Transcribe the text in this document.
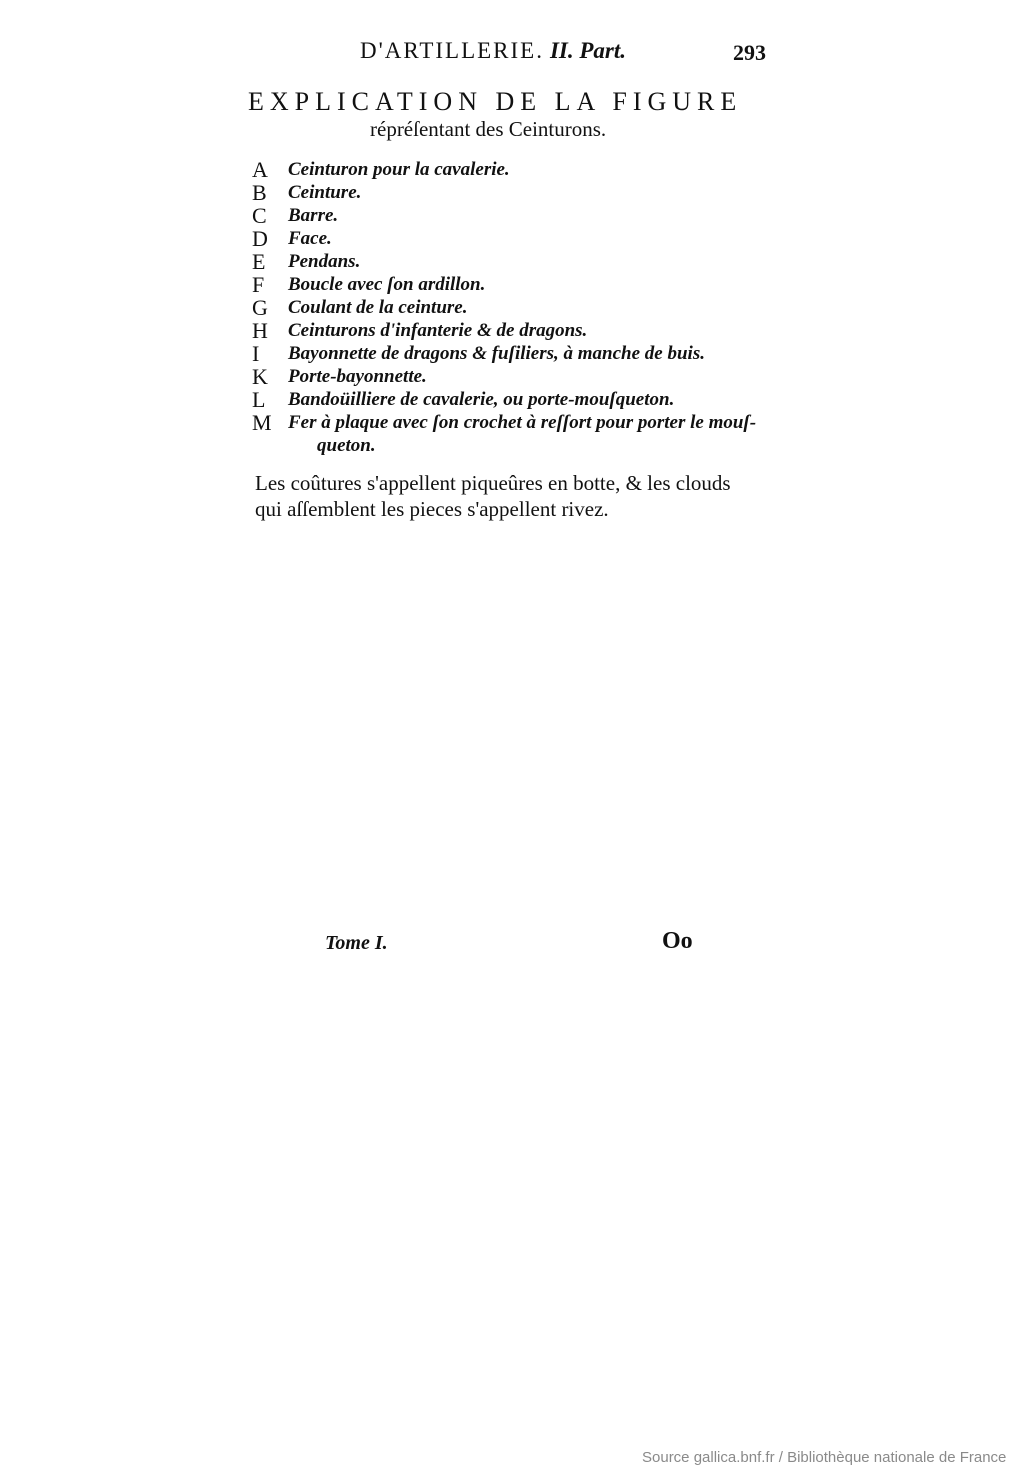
D'ARTILLERIE. II. Part.	293
EXPLICATION DE LA FIGURE
répréſentant des Ceinturons.
A	Ceinturon pour la cavalerie.
B	Ceinture.
C	Barre.
D	Face.
E	Pendans.
F	Boucle avec ſon ardillon.
G	Coulant de la ceinture.
H	Ceinturons d'infanterie & de dragons.
I	Bayonnette de dragons & fuſiliers, à manche de buis.
K	Porte-bayonnette.
L	Bandoüilliere de cavalerie, ou porte-mouſqueton.
M Fer à plaque avec ſon crochet à reſſort pour porter le mouſ-
queton.
Les coûtures s'appellent piqueûres en botte, & les clouds
qui aſſemblent les pieces s'appellent rivez.
Tome I.	Oo
Source gallica.bnf.fr / Bibliothèque nationale de France
